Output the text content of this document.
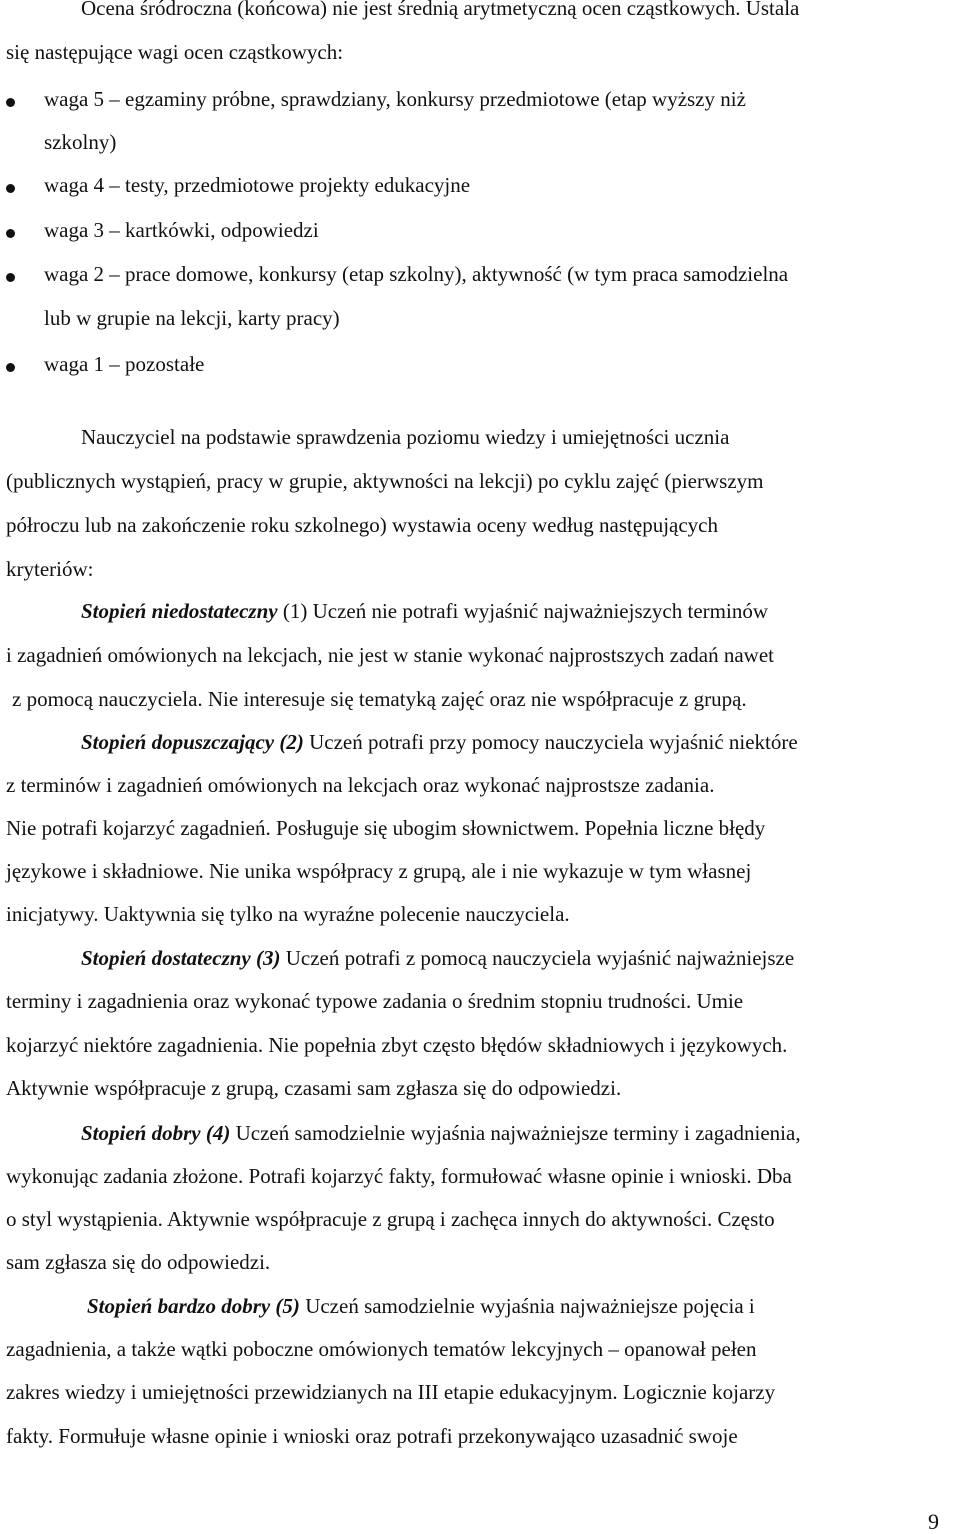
Ocena śródroczna (końcowa) nie jest średnią arytmetyczną ocen cząstkowych. Ustala
się następujące wagi ocen cząstkowych:
waga 5 – egzaminy próbne, sprawdziany, konkursy przedmiotowe (etap wyższy niż
szkolny)
waga 4 – testy, przedmiotowe projekty edukacyjne
waga 3 – kartkówki, odpowiedzi
waga 2 – prace domowe, konkursy (etap szkolny), aktywność (w tym praca samodzielna
lub w grupie na lekcji, karty pracy)
waga 1 – pozostałe
Nauczyciel na podstawie sprawdzenia poziomu wiedzy i umiejętności ucznia
(publicznych wystąpień, pracy w grupie, aktywności na lekcji) po cyklu zajęć (pierwszym
półroczu lub na zakończenie roku szkolnego) wystawia oceny według następujących
kryteriów:
Stopień niedostateczny (1) Uczeń nie potrafi wyjaśnić najważniejszych terminów
i zagadnień omówionych na lekcjach, nie jest w stanie wykonać najprostszych zadań nawet
z pomocą nauczyciela. Nie interesuje się tematyką zajęć oraz nie współpracuje z grupą.
Stopień dopuszczający (2) Uczeń potrafi przy pomocy nauczyciela wyjaśnić niektóre
z terminów i zagadnień omówionych na lekcjach oraz wykonać najprostsze zadania.
Nie potrafi kojarzyć zagadnień. Posługuje się ubogim słownictwem. Popełnia liczne błędy
językowe i składniowe. Nie unika współpracy z grupą, ale i nie wykazuje w tym własnej
inicjatywy. Uaktywnia się tylko na wyraźne polecenie nauczyciela.
Stopień dostateczny (3) Uczeń potrafi z pomocą nauczyciela wyjaśnić najważniejsze
terminy i zagadnienia oraz wykonać typowe zadania o średnim stopniu trudności. Umie
kojarzyć niektóre zagadnienia. Nie popełnia zbyt często błędów składniowych i językowych.
Aktywnie współpracuje z grupą, czasami sam zgłasza się do odpowiedzi.
Stopień dobry (4) Uczeń samodzielnie wyjaśnia najważniejsze terminy i zagadnienia,
wykonując zadania złożone. Potrafi kojarzyć fakty, formułować własne opinie i wnioski. Dba
o styl wystąpienia. Aktywnie współpracuje z grupą i zachęca innych do aktywności. Często
sam zgłasza się do odpowiedzi.
Stopień bardzo dobry (5) Uczeń samodzielnie wyjaśnia najważniejsze pojęcia i
zagadnienia, a także wątki poboczne omówionych tematów lekcyjnych – opanował pełen
zakres wiedzy i umiejętności przewidzianych na III etapie edukacyjnym. Logicznie kojarzy
fakty. Formułuje własne opinie i wnioski oraz potrafi przekonywająco uzasadnić swoje
9
